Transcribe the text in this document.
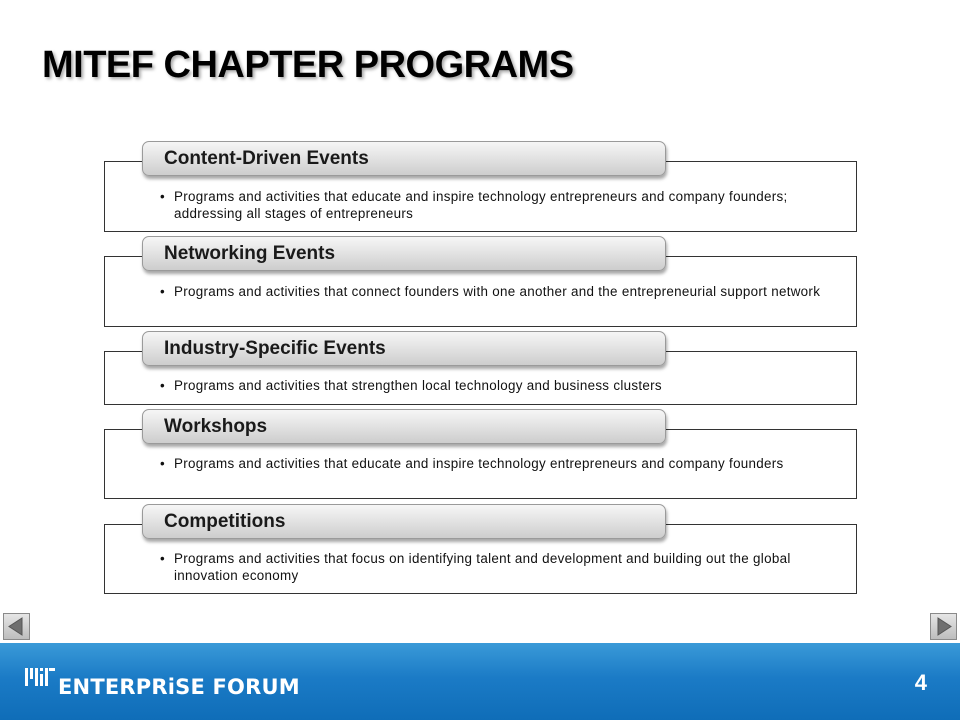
MITEF CHAPTER PROGRAMS
Content-Driven Events
• Programs and activities that educate and inspire technology entrepreneurs and company founders; addressing all stages of entrepreneurs
Networking Events
• Programs and activities that connect founders with one another and the entrepreneurial support network
Industry-Specific Events
• Programs and activities that strengthen local technology and business clusters
Workshops
• Programs and activities that educate and inspire technology entrepreneurs and company founders
Competitions
• Programs and activities that focus on identifying talent and development and building out the global innovation economy
ENTERPRiSE FORUM	4
